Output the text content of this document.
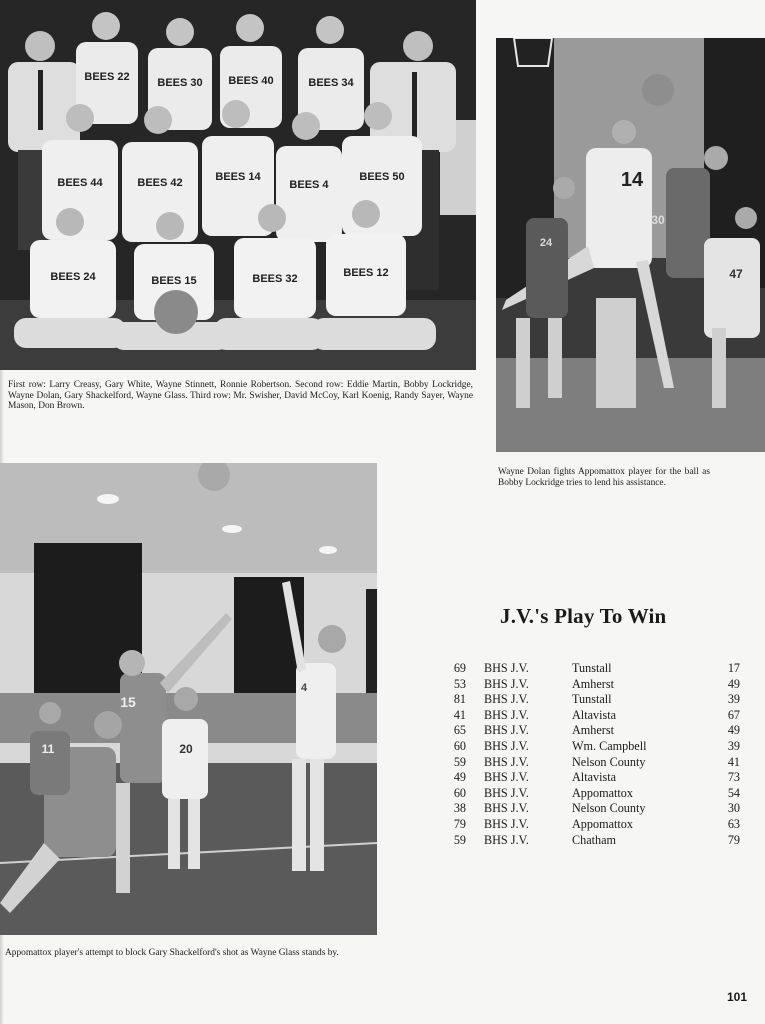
BEES 22	BEES 30 BEES 40	BEES 34
BEES 44	BEES 42	BEES 14
BEES 4
BEES 50
BEES 24	BEES 15	BEES 32	BEES 12

First row: Larry Creasy, Gary White, Wayne Stinnett, Ronnie Robertson. Second row: Eddie Martin, Bobby Lockridge, Wayne Dolan, Gary Shackelford, Wayne Glass. Third row: Mr. Swisher, David McCoy, Karl Koenig, Randy Sayer, Wayne Mason, Don Brown.

14
24
30
47

Wayne Dolan fights Appomattox player for the ball as Bobby Lockridge tries to lend his assistance.

15
11	20
4

Appomattox player's attempt to block Gary Shackelford's shot as Wayne Glass stands by.

J.V.'s Play To Win
69	BHS J.V.	Tunstall	17
53	BHS J.V.	Amherst	49
81	BHS J.V.	Tunstall	39
41	BHS J.V.	Altavista	67
65	BHS J.V.	Amherst	49
60	BHS J.V.	Wm. Campbell	39
59	BHS J.V.	Nelson County	41
49	BHS J.V.	Altavista	73
60	BHS J.V.	Appomattox	54
38	BHS J.V.	Nelson County	30
79	BHS J.V.	Appomattox	63
59	BHS J.V.	Chatham	79
101
